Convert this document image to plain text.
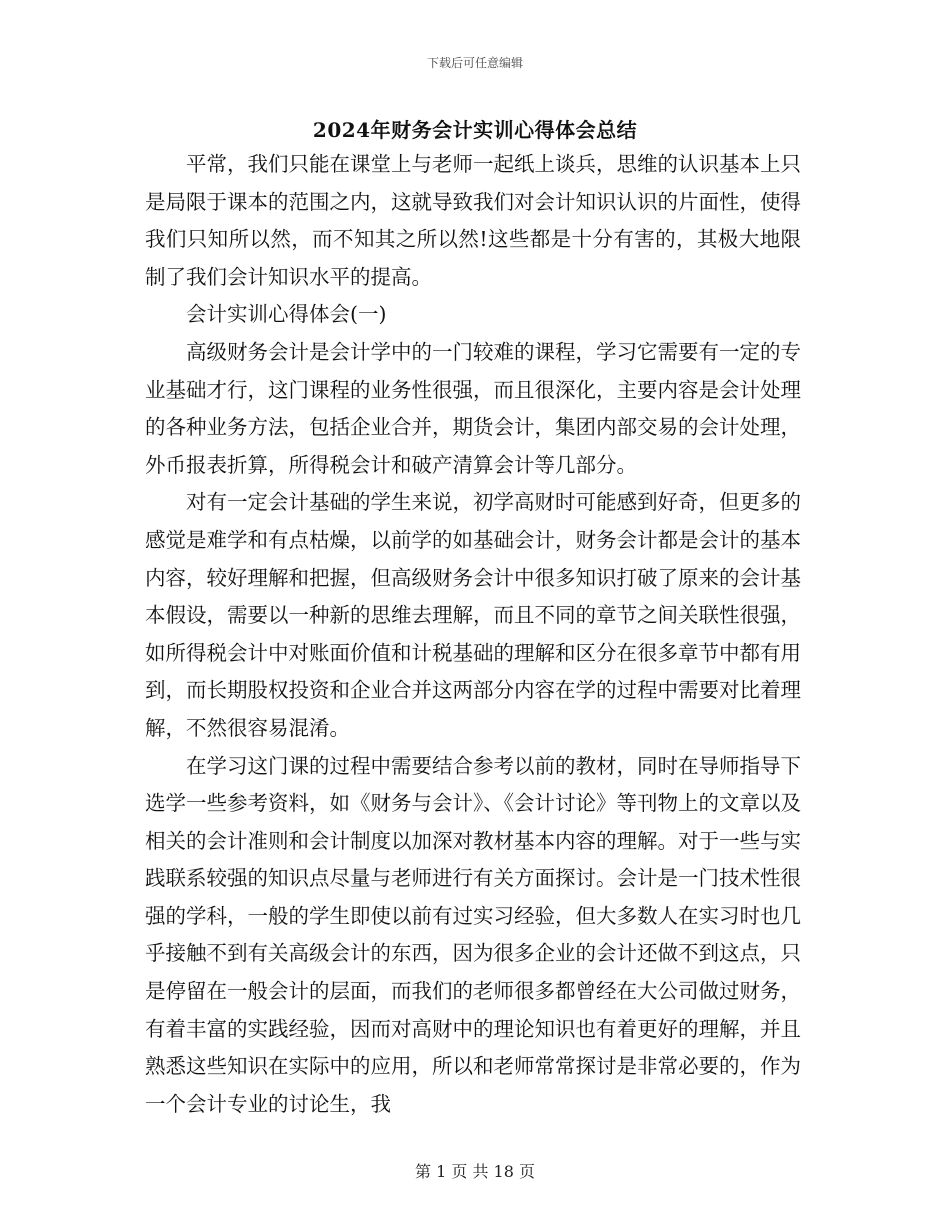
下载后可任意编辑
2024年财务会计实训心得体会总结

平常，我们只能在课堂上与老师一起纸上谈兵，思维的认识基本上只是局限于课本的范围之内，这就导致我们对会计知识认识的片面性，使得我们只知所以然，而不知其之所以然!这些都是十分有害的，其极大地限制了我们会计知识水平的提高。

会计实训心得体会(一)

高级财务会计是会计学中的一门较难的课程，学习它需要有一定的专业基础才行，这门课程的业务性很强，而且很深化，主要内容是会计处理的各种业务方法，包括企业合并，期货会计，集团内部交易的会计处理，外币报表折算，所得税会计和破产清算会计等几部分。

对有一定会计基础的学生来说，初学高财时可能感到好奇，但更多的感觉是难学和有点枯燥，以前学的如基础会计，财务会计都是会计的基本内容，较好理解和把握，但高级财务会计中很多知识打破了原来的会计基本假设，需要以一种新的思维去理解，而且不同的章节之间关联性很强，如所得税会计中对账面价值和计税基础的理解和区分在很多章节中都有用到，而长期股权投资和企业合并这两部分内容在学的过程中需要对比着理解，不然很容易混淆。

在学习这门课的过程中需要结合参考以前的教材，同时在导师指导下选学一些参考资料，如《财务与会计》、《会计讨论》等刊物上的文章以及相关的会计准则和会计制度以加深对教材基本内容的理解。对于一些与实践联系较强的知识点尽量与老师进行有关方面探讨。会计是一门技术性很强的学科，一般的学生即使以前有过实习经验，但大多数人在实习时也几乎接触不到有关高级会计的东西，因为很多企业的会计还做不到这点，只是停留在一般会计的层面，而我们的老师很多都曾经在大公司做过财务，有着丰富的实践经验，因而对高财中的理论知识也有着更好的理解，并且熟悉这些知识在实际中的应用，所以和老师常常探讨是非常必要的，作为一个会计专业的讨论生，我

第 1 页 共 18 页
